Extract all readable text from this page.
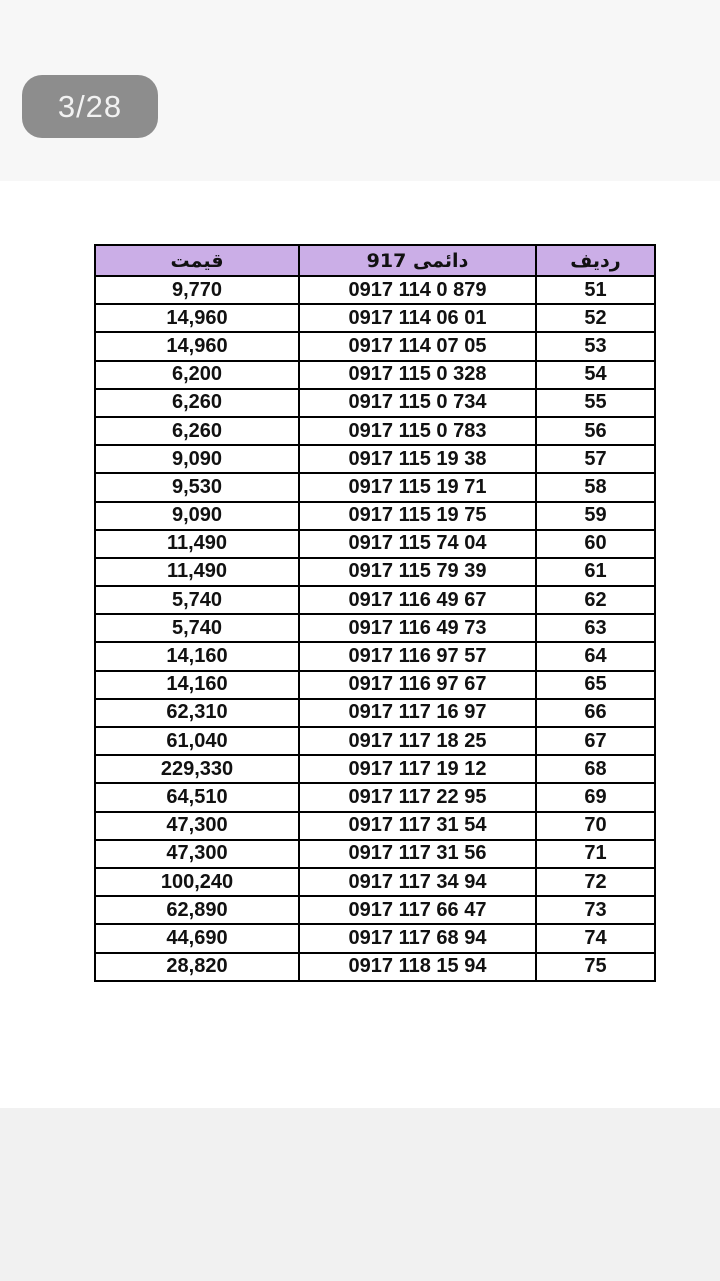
3/28
ردیف	دائمی 917	قیمت
51	0917 114 0 879	9,770
52	0917 114 06 01	14,960
53	0917 114 07 05	14,960
54	0917 115 0 328	6,200
55	0917 115 0 734	6,260
56	0917 115 0 783	6,260
57	0917 115 19 38	9,090
58	0917 115 19 71	9,530
59	0917 115 19 75	9,090
60	0917 115 74 04	11,490
61	0917 115 79 39	11,490
62	0917 116 49 67	5,740
63	0917 116 49 73	5,740
64	0917 116 97 57	14,160
65	0917 116 97 67	14,160
66	0917 117 16 97	62,310
67	0917 117 18 25	61,040
68	0917 117 19 12	229,330
69	0917 117 22 95	64,510
70	0917 117 31 54	47,300
71	0917 117 31 56	47,300
72	0917 117 34 94	100,240
73	0917 117 66 47	62,890
74	0917 117 68 94	44,690
75	0917 118 15 94	28,820
